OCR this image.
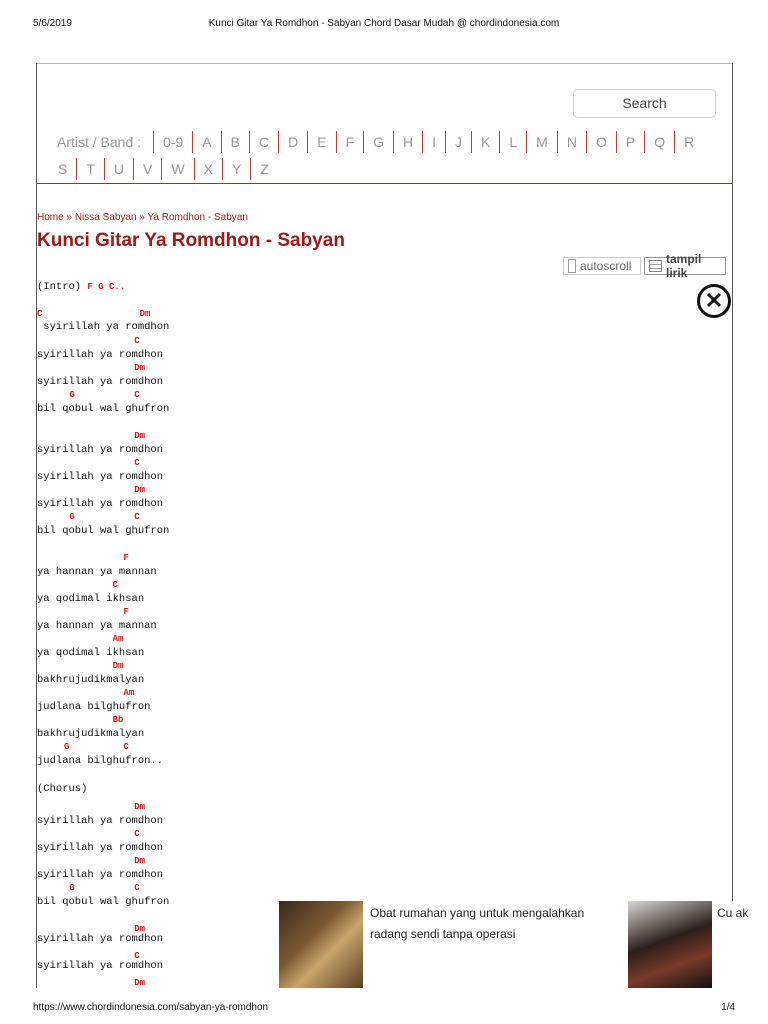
5/6/2019	Kunci Gitar Ya Romdhon - Sabyan Chord Dasar Mudah @ chordindonesia.com
Search
Artist / Band :	0-9	A	B	C	D	E	F	G	H	I	J	K	L	M	N	O	P	Q	R
S	T	U	V	W	X	Y	Z
Home » Nissa Sabyan » Ya Romdhon - Sabyan
Kunci Gitar Ya Romdhon - Sabyan
autoscroll	tampil lirik
✕
(Intro) F G C..
C                  Dm
syirillah ya romdhon
C
syirillah ya romdhon
Dm
syirillah ya romdhon
G           C
bil qobul wal ghufron
Dm
syirillah ya romdhon
C
syirillah ya romdhon
Dm
syirillah ya romdhon
G           C
bil qobul wal ghufron
F
ya hannan ya mannan
C
ya qodimal ikhsan
F
ya hannan ya mannan
Am
ya qodimal ikhsan
Dm
bakhrujudikmalyan
Am
judlana bilghufron
Bb
bakhrujudikmalyan
G          C
judlana bilghufron..
(Chorus)
Dm
syirillah ya romdhon
C
syirillah ya romdhon
Dm
syirillah ya romdhon
G           C
bil qobul wal ghufron
Dm
syirillah ya romdhon
C
syirillah ya romdhon
Dm
Obat rumahan yang untuk mengalahkan radang sendi tanpa operasi
Cu ak
https://www.chordindonesia.com/sabyan-ya-romdhon	1/4
